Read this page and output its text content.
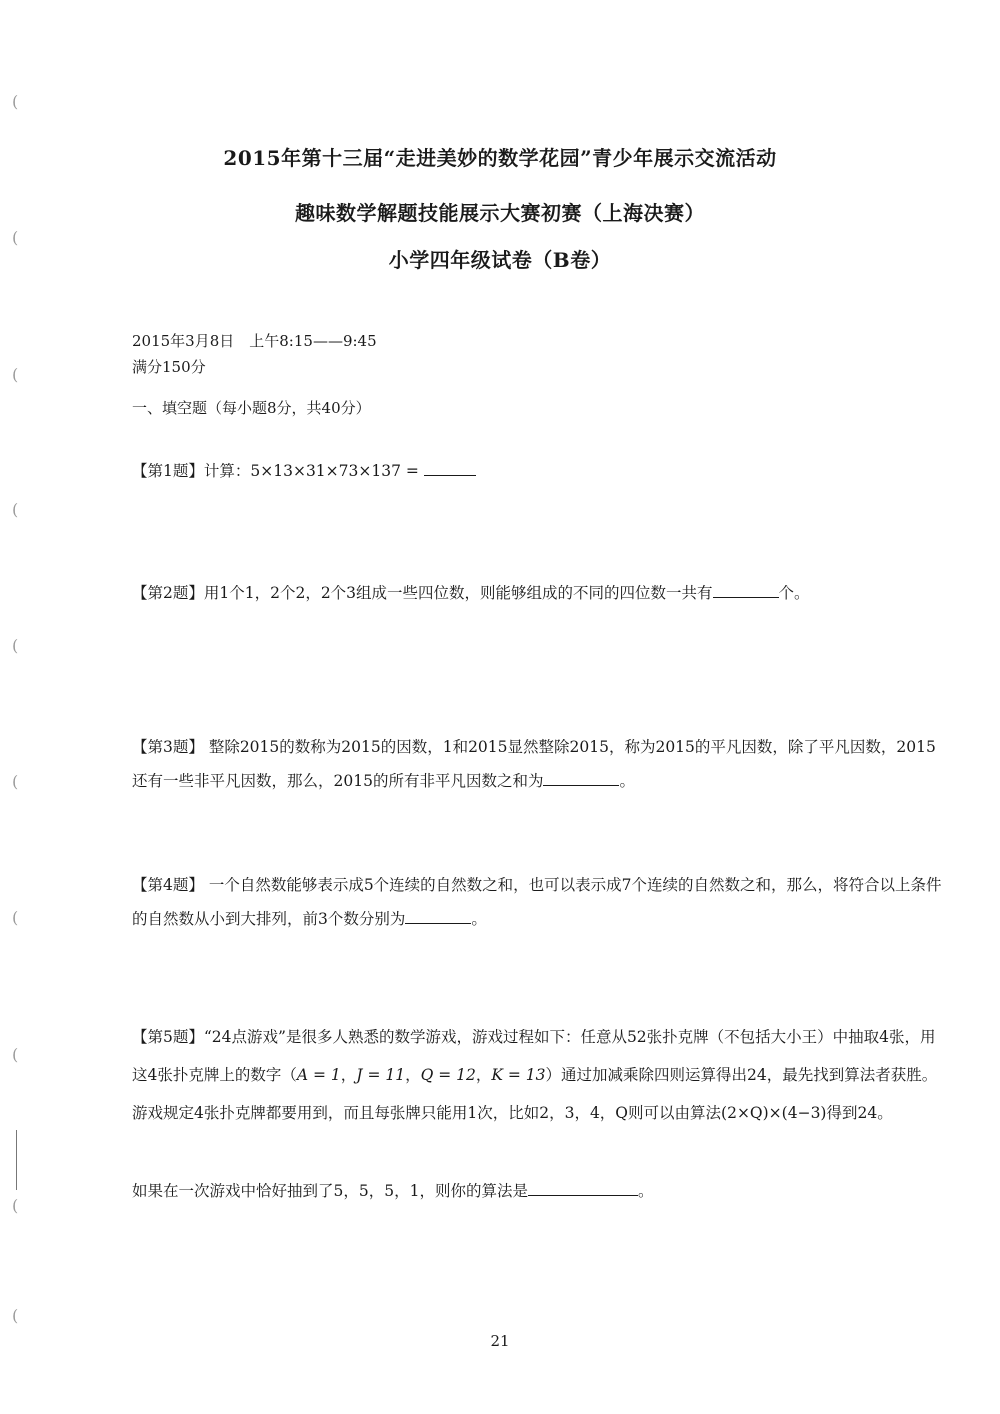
(
(
(
(
(
(
(
(
(
(
2015年第十三届“走进美妙的数学花园”青少年展示交流活动
趣味数学解题技能展示大赛初赛（上海决赛）
小学四年级试卷（B卷）
2015年3月8日　上午8:15——9:45
满分150分
一、填空题（每小题8分，共40分）
【第1题】计算：5×13×31×73×137 =
【第2题】用1个1，2个2，2个3组成一些四位数，则能够组成的不同的四位数一共有	个。
【第3题】 整除2015的数称为2015的因数，1和2015显然整除2015，称为2015的平凡因数，除了平凡因数，2015还有一些非平凡因数，那么，2015的所有非平凡因数之和为	。
【第4题】 一个自然数能够表示成5个连续的自然数之和，也可以表示成7个连续的自然数之和，那么，将符合以上条件的自然数从小到大排列，前3个数分别为	。
【第5题】“24点游戏”是很多人熟悉的数学游戏，游戏过程如下：任意从52张扑克牌（不包括大小王）中抽取4张，用这4张扑克牌上的数字（A = 1，J = 11，Q = 12，K = 13）通过加减乘除四则运算得出24，最先找到算法者获胜。游戏规定4张扑克牌都要用到，而且每张牌只能用1次，比如2，3，4，Q则可以由算法(2×Q)×(4−3)得到24。
如果在一次游戏中恰好抽到了5，5，5，1，则你的算法是	。
21
